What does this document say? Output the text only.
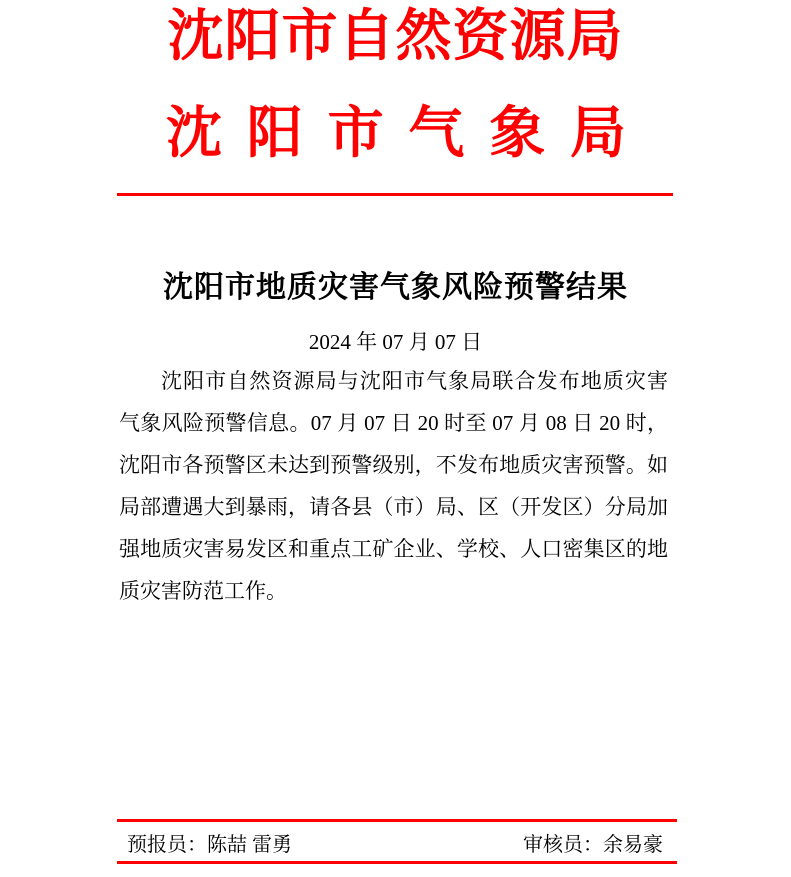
沈阳市自然资源局
沈 阳 市 气 象 局
沈阳市地质灾害气象风险预警结果
2024 年 07 月 07 日
沈阳市自然资源局与沈阳市气象局联合发布地质灾害
气象风险预警信息。07 月 07 日 20 时至 07 月 08 日 20 时，
沈阳市各预警区未达到预警级别，不发布地质灾害预警。如
局部遭遇大到暴雨，请各县（市）局、区（开发区）分局加
强地质灾害易发区和重点工矿企业、学校、人口密集区的地
质灾害防范工作。
预报员：陈喆 雷勇	审核员：余易豪
